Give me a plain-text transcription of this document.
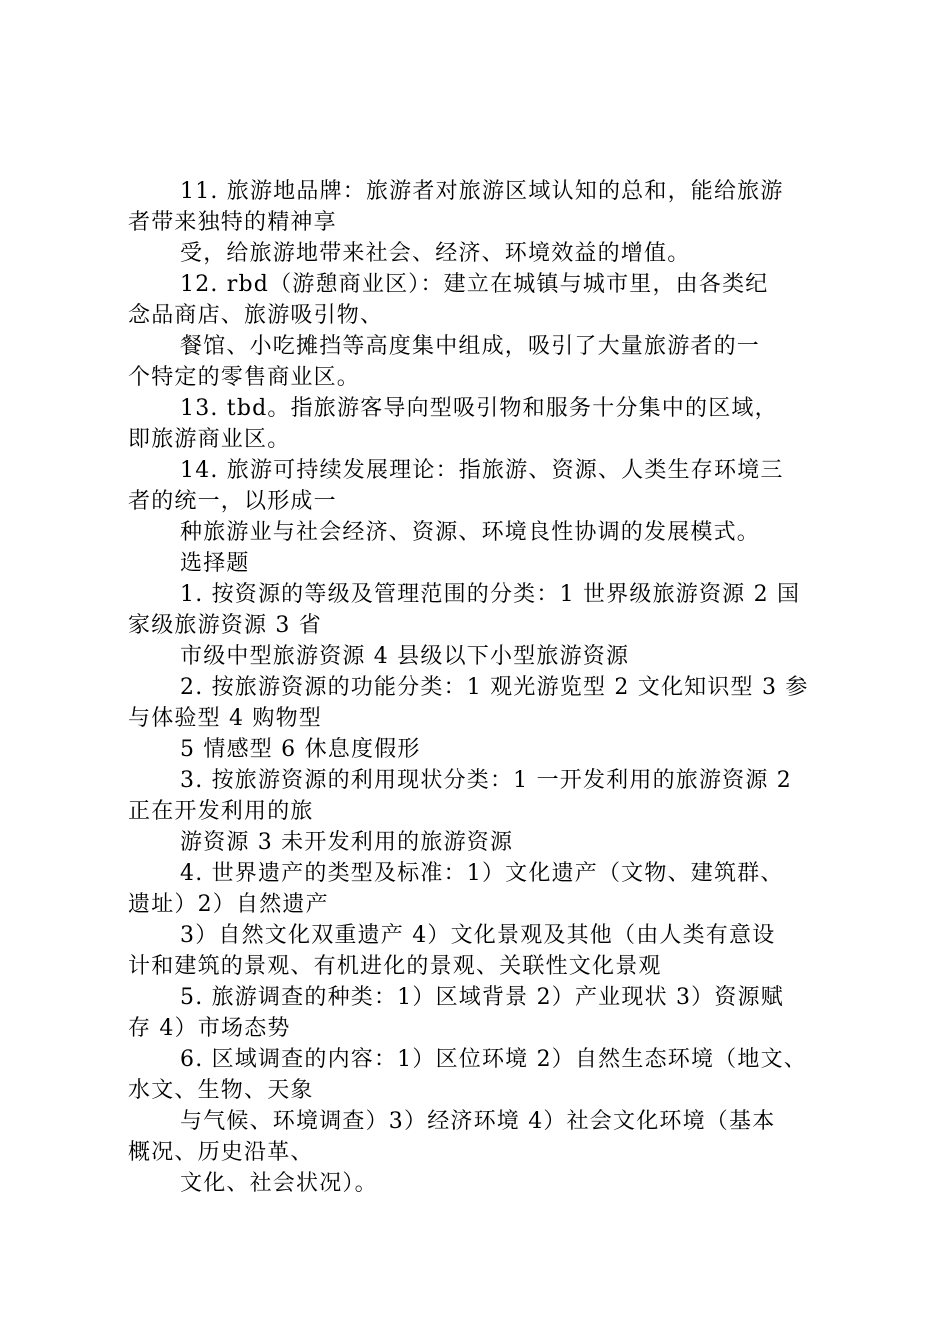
11. 旅游地品牌：旅游者对旅游区域认知的总和，能给旅游
者带来独特的精神享
受，给旅游地带来社会、经济、环境效益的增值。
12. rbd（游憩商业区）：建立在城镇与城市里，由各类纪
念品商店、旅游吸引物、
餐馆、小吃摊挡等高度集中组成，吸引了大量旅游者的一
个特定的零售商业区。
13. tbd。指旅游客导向型吸引物和服务十分集中的区域，
即旅游商业区。
14. 旅游可持续发展理论：指旅游、资源、人类生存环境三
者的统一，以形成一
种旅游业与社会经济、资源、环境良性协调的发展模式。
选择题
1. 按资源的等级及管理范围的分类：1 世界级旅游资源 2 国
家级旅游资源 3 省
市级中型旅游资源 4 县级以下小型旅游资源
2. 按旅游资源的功能分类：1 观光游览型 2 文化知识型 3 参
与体验型 4 购物型
5 情感型 6 休息度假形
3. 按旅游资源的利用现状分类：1 一开发利用的旅游资源 2
正在开发利用的旅
游资源 3 未开发利用的旅游资源
4. 世界遗产的类型及标准：1）文化遗产（文物、建筑群、
遗址）2）自然遗产
3）自然文化双重遗产 4）文化景观及其他（由人类有意设
计和建筑的景观、有机进化的景观、关联性文化景观
5. 旅游调查的种类：1）区域背景 2）产业现状 3）资源赋
存 4）市场态势
6. 区域调查的内容：1）区位环境 2）自然生态环境（地文、
水文、生物、天象
与气候、环境调查）3）经济环境 4）社会文化环境（基本
概况、历史沿革、
文化、社会状况）。
